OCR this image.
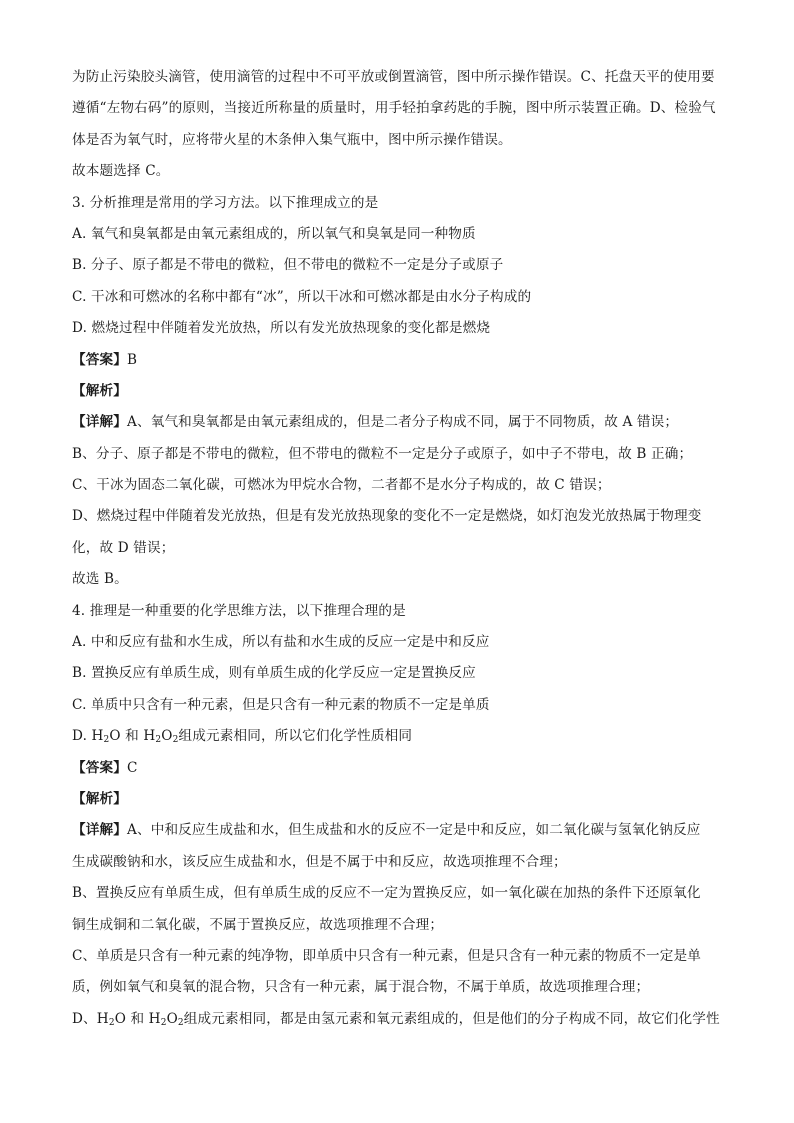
为防止污染胶头滴管，使用滴管的过程中不可平放或倒置滴管，图中所示操作错误。C、托盘天平的使用要
遵循“左物右码”的原则，当接近所称量的质量时，用手轻拍拿药匙的手腕，图中所示装置正确。D、检验气
体是否为氧气时，应将带火星的木条伸入集气瓶中，图中所示操作错误。
故本题选择 C。
3. 分析推理是常用的学习方法。以下推理成立的是
A. 氧气和臭氧都是由氧元素组成的，所以氧气和臭氧是同一种物质
B. 分子、原子都是不带电的微粒，但不带电的微粒不一定是分子或原子
C. 干冰和可燃冰的名称中都有“冰”，所以干冰和可燃冰都是由水分子构成的
D. 燃烧过程中伴随着发光放热，所以有发光放热现象的变化都是燃烧
【答案】B
【解析】
【详解】A、氧气和臭氧都是由氧元素组成的，但是二者分子构成不同，属于不同物质，故 A 错误；
B、分子、原子都是不带电的微粒，但不带电的微粒不一定是分子或原子，如中子不带电，故 B 正确；
C、干冰为固态二氧化碳，可燃冰为甲烷水合物，二者都不是水分子构成的，故 C 错误；
D、燃烧过程中伴随着发光放热，但是有发光放热现象的变化不一定是燃烧，如灯泡发光放热属于物理变
化，故 D 错误；
故选 B。
4. 推理是一种重要的化学思维方法，以下推理合理的是
A. 中和反应有盐和水生成，所以有盐和水生成的反应一定是中和反应
B. 置换反应有单质生成，则有单质生成的化学反应一定是置换反应
C. 单质中只含有一种元素，但是只含有一种元素的物质不一定是单质
D. $H_2O$ 和 $H_2O_2$组成元素相同，所以它们化学性质相同
【答案】C
【解析】
【详解】A、中和反应生成盐和水，但生成盐和水的反应不一定是中和反应，如二氧化碳与氢氧化钠反应
生成碳酸钠和水，该反应生成盐和水，但是不属于中和反应，故选项推理不合理；
B、置换反应有单质生成，但有单质生成的反应不一定为置换反应，如一氧化碳在加热的条件下还原氧化
铜生成铜和二氧化碳，不属于置换反应，故选项推理不合理；
C、单质是只含有一种元素的纯净物，即单质中只含有一种元素，但是只含有一种元素的物质不一定是单
质，例如氧气和臭氧的混合物，只含有一种元素，属于混合物，不属于单质，故选项推理合理；
D、$H_2O$ 和 $H_2O_2$组成元素相同，都是由氢元素和氧元素组成的，但是他们的分子构成不同，故它们化学性
